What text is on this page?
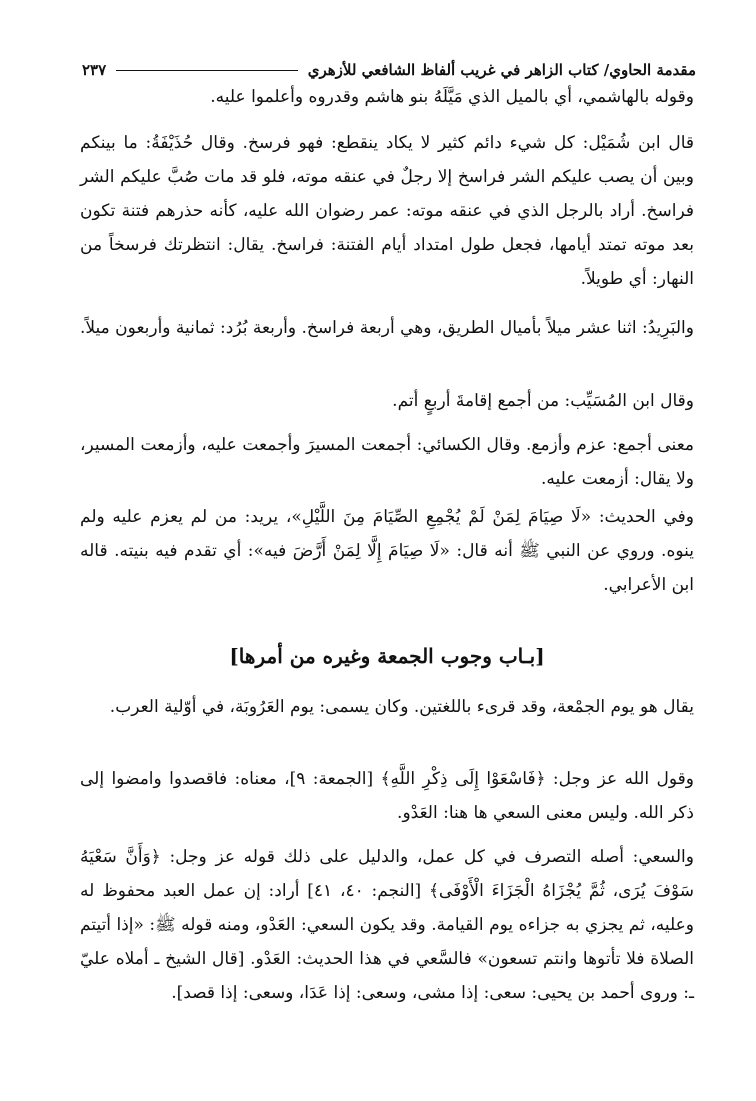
مقدمة الحاوي/ كتاب الزاهر في غريب ألفاظ الشافعي للأزهري
٢٣٧

وقوله بالهاشمي، أي بالميل الذي مَيَّلَهُ بنو هاشم وقدروه وأعلموا عليه.

قال ابن شُمَيْل: كل شيء دائم كثير لا يكاد ينقطع: فهو فرسخ. وقال حُذَيْفَةُ: ما بينكم وبين أن يصب عليكم الشر فراسخ إلا رجلٌ في عنقه موته، فلو قد مات صُبَّ عليكم الشر فراسخ. أراد بالرجل الذي في عنقه موته: عمر رضوان الله عليه، كأنه حذرهم فتنة تكون بعد موته تمتد أيامها، فجعل طول امتداد أيام الفتنة: فراسخ. يقال: انتظرتك فرسخاً من النهار: أي طويلاً.

والبَرِيدُ: اثنا عشر ميلاً بأميال الطريق، وهي أربعة فراسخ. وأربعة بُرُد: ثمانية وأربعون ميلاً.

وقال ابن المُسَيِّب: من أجمع إقامةَ أربعٍ أتم.

معنى أجمع: عزم وأزمع. وقال الكسائي: أجمعت المسيرَ وأجمعت عليه، وأزمعت المسير، ولا يقال: أزمعت عليه.

وفي الحديث: «لَا صِيَامَ لِمَنْ لَمْ يُجْمِعِ الصِّيَامَ مِنَ اللَّيْلِ»، يريد: من لم يعزم عليه ولم ينوه. وروي عن النبي ﷺ أنه قال: «لَا صِيَامَ إِلَّا لِمَنْ أَرَّضَ فيه»: أي تقدم فيه بنيته. قاله ابن الأعرابي.

[بـاب وجوب الجمعة وغيره من أمرها]

يقال هو يوم الجمْعة، وقد قرىء باللغتين. وكان يسمى: يوم العَرُوبَة، في أوّلية العرب.

وقول الله عز وجل: ﴿فَاسْعَوْا إِلَى ذِكْرِ اللَّهِ﴾ [الجمعة: ٩]، معناه: فاقصدوا وامضوا إلى ذكر الله. وليس معنى السعي ها هنا: العَدْو.

والسعي: أصله التصرف في كل عمل، والدليل على ذلك قوله عز وجل: ﴿وَأَنَّ سَعْيَهُ سَوْفَ يُرَى، ثُمَّ يُجْزَاهُ الْجَزَاءَ الْأَوْفَى﴾ [النجم: ٤٠، ٤١] أراد: إن عمل العبد محفوظ له وعليه، ثم يجزي به جزاءه يوم القيامة. وقد يكون السعي: العَدْو، ومنه قوله ﷺ: «إذا أتيتم الصلاة فلا تأتوها وانتم تسعون» فالسَّعي في هذا الحديث: العَدْو. [قال الشيخ ـ أملاه عليّ ـ: وروى أحمد بن يحيى: سعى: إذا مشى، وسعى: إذا عَدَا، وسعى: إذا قصد].
